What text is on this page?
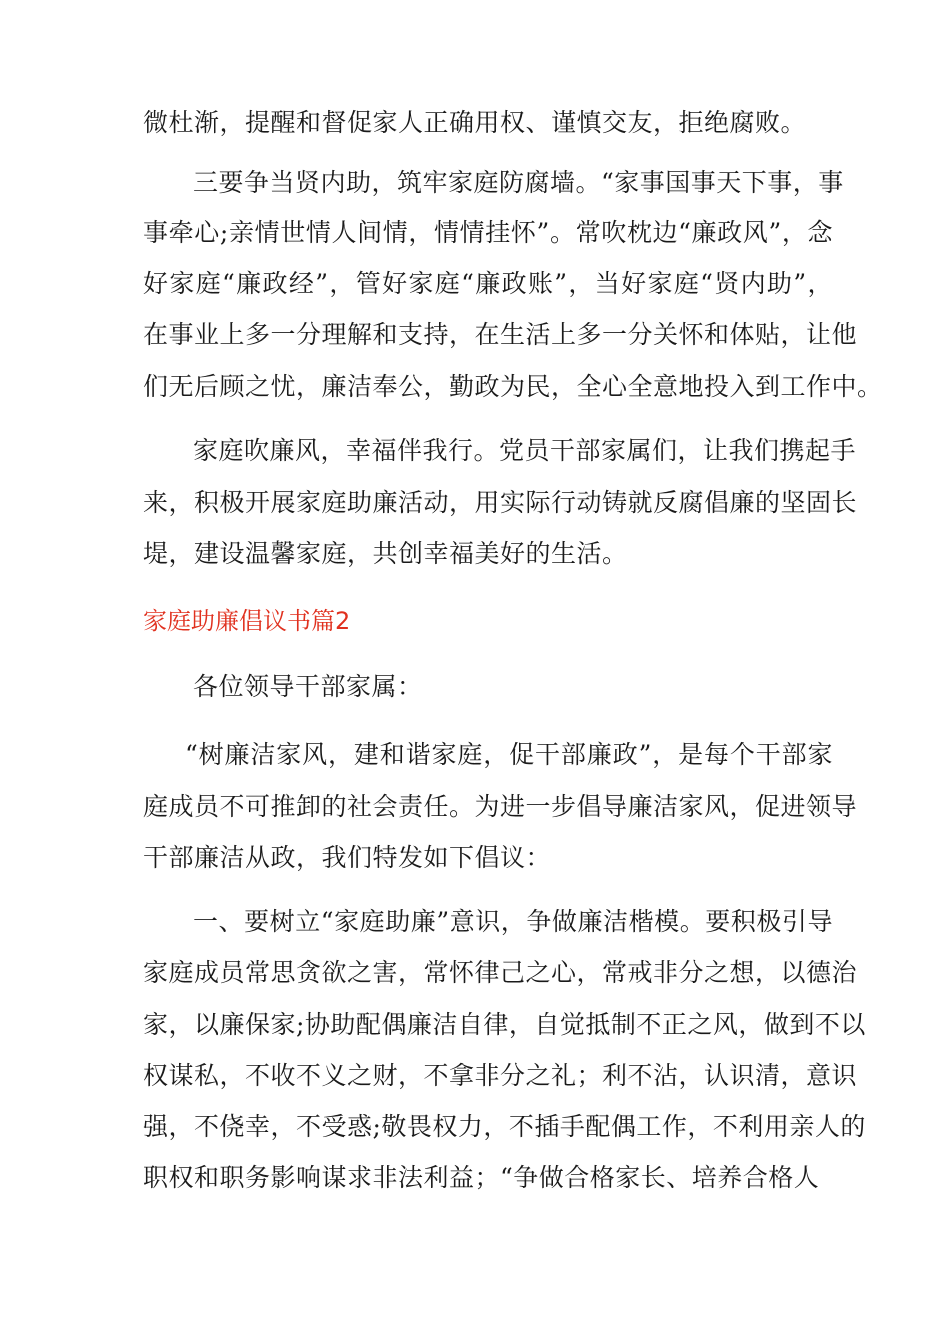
微杜渐，提醒和督促家人正确用权、谨慎交友，拒绝腐败。
三要争当贤内助，筑牢家庭防腐墙。“家事国事天下事，事
事牵心;亲情世情人间情，情情挂怀”。常吹枕边“廉政风”，念
好家庭“廉政经”，管好家庭“廉政账”，当好家庭“贤内助”，
在事业上多一分理解和支持，在生活上多一分关怀和体贴，让他
们无后顾之忧，廉洁奉公，勤政为民，全心全意地投入到工作中。
家庭吹廉风，幸福伴我行。党员干部家属们，让我们携起手
来，积极开展家庭助廉活动，用实际行动铸就反腐倡廉的坚固长
堤，建设温馨家庭，共创幸福美好的生活。
家庭助廉倡议书篇2
各位领导干部家属：
“树廉洁家风，建和谐家庭，促干部廉政”，是每个干部家
庭成员不可推卸的社会责任。为进一步倡导廉洁家风，促进领导
干部廉洁从政，我们特发如下倡议：
一、要树立“家庭助廉”意识，争做廉洁楷模。要积极引导
家庭成员常思贪欲之害，常怀律己之心，常戒非分之想，以德治
家，以廉保家;协助配偶廉洁自律，自觉抵制不正之风，做到不以
权谋私，不收不义之财，不拿非分之礼；利不沾，认识清，意识
强，不侥幸，不受惑;敬畏权力，不插手配偶工作，不利用亲人的
职权和职务影响谋求非法利益；“争做合格家长、培养合格人
